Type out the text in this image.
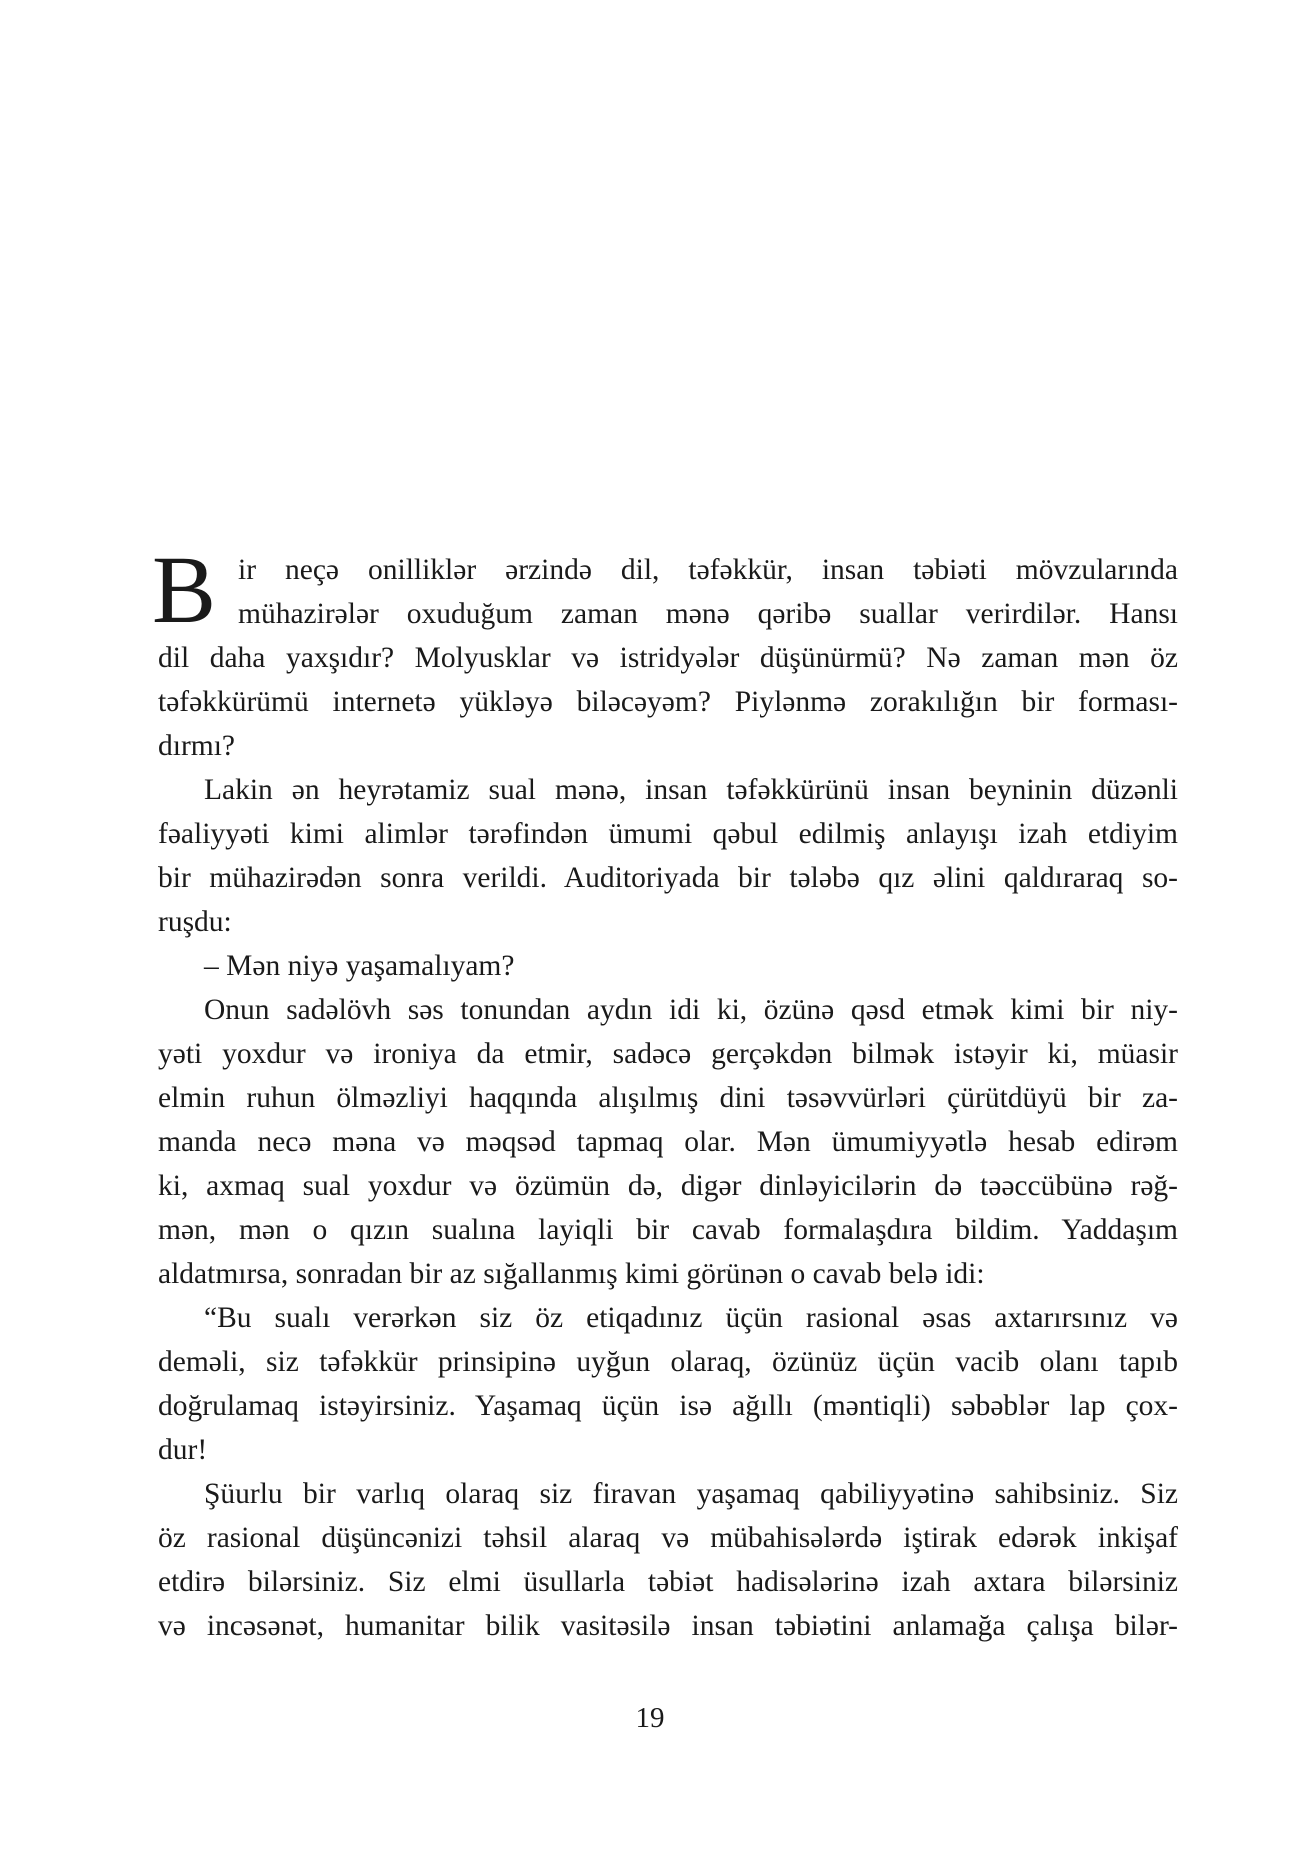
B ir neçə onilliklər ərzində dil, təfəkkür, insan təbiəti mövzularında
mühazirələr oxuduğum zaman mənə qəribə suallar verirdilər. Hansı
dil daha yaxşıdır? Molyusklar və istridyələr düşünürmü? Nə zaman mən öz
təfəkkürümü internetə yükləyə biləcəyəm? Piylənmə zorakılığın bir forması-
dırmı?
Lakin ən heyrətamiz sual mənə, insan təfəkkürünü insan beyninin düzənli
fəaliyyəti kimi alimlər tərəfindən ümumi qəbul edilmiş anlayışı izah etdiyim
bir mühazirədən sonra verildi. Auditoriyada bir tələbə qız əlini qaldıraraq so-
ruşdu:
– Mən niyə yaşamalıyam?
Onun sadəlövh səs tonundan aydın idi ki, özünə qəsd etmək kimi bir niy-
yəti yoxdur və ironiya da etmir, sadəcə gerçəkdən bilmək istəyir ki, müasir
elmin ruhun ölməzliyi haqqında alışılmış dini təsəvvürləri çürütdüyü bir za-
manda necə məna və məqsəd tapmaq olar. Mən ümumiyyətlə hesab edirəm
ki, axmaq sual yoxdur və özümün də, digər dinləyicilərin də təəccübünə rəğ-
mən, mən o qızın sualına layiqli bir cavab formalaşdıra bildim. Yaddaşım
aldatmırsa, sonradan bir az sığallanmış kimi görünən o cavab belə idi:
“Bu sualı verərkən siz öz etiqadınız üçün rasional əsas axtarırsınız və
deməli, siz təfəkkür prinsipinə uyğun olaraq, özünüz üçün vacib olanı tapıb
doğrulamaq istəyirsiniz. Yaşamaq üçün isə ağıllı (məntiqli) səbəblər lap çox-
dur!
Şüurlu bir varlıq olaraq siz firavan yaşamaq qabiliyyətinə sahibsiniz. Siz
öz rasional düşüncənizi təhsil alaraq və mübahisələrdə iştirak edərək inkişaf
etdirə bilərsiniz. Siz elmi üsullarla təbiət hadisələrinə izah axtara bilərsiniz
və incəsənət, humanitar bilik vasitəsilə insan təbiətini anlamağa çalışa bilər-
19
